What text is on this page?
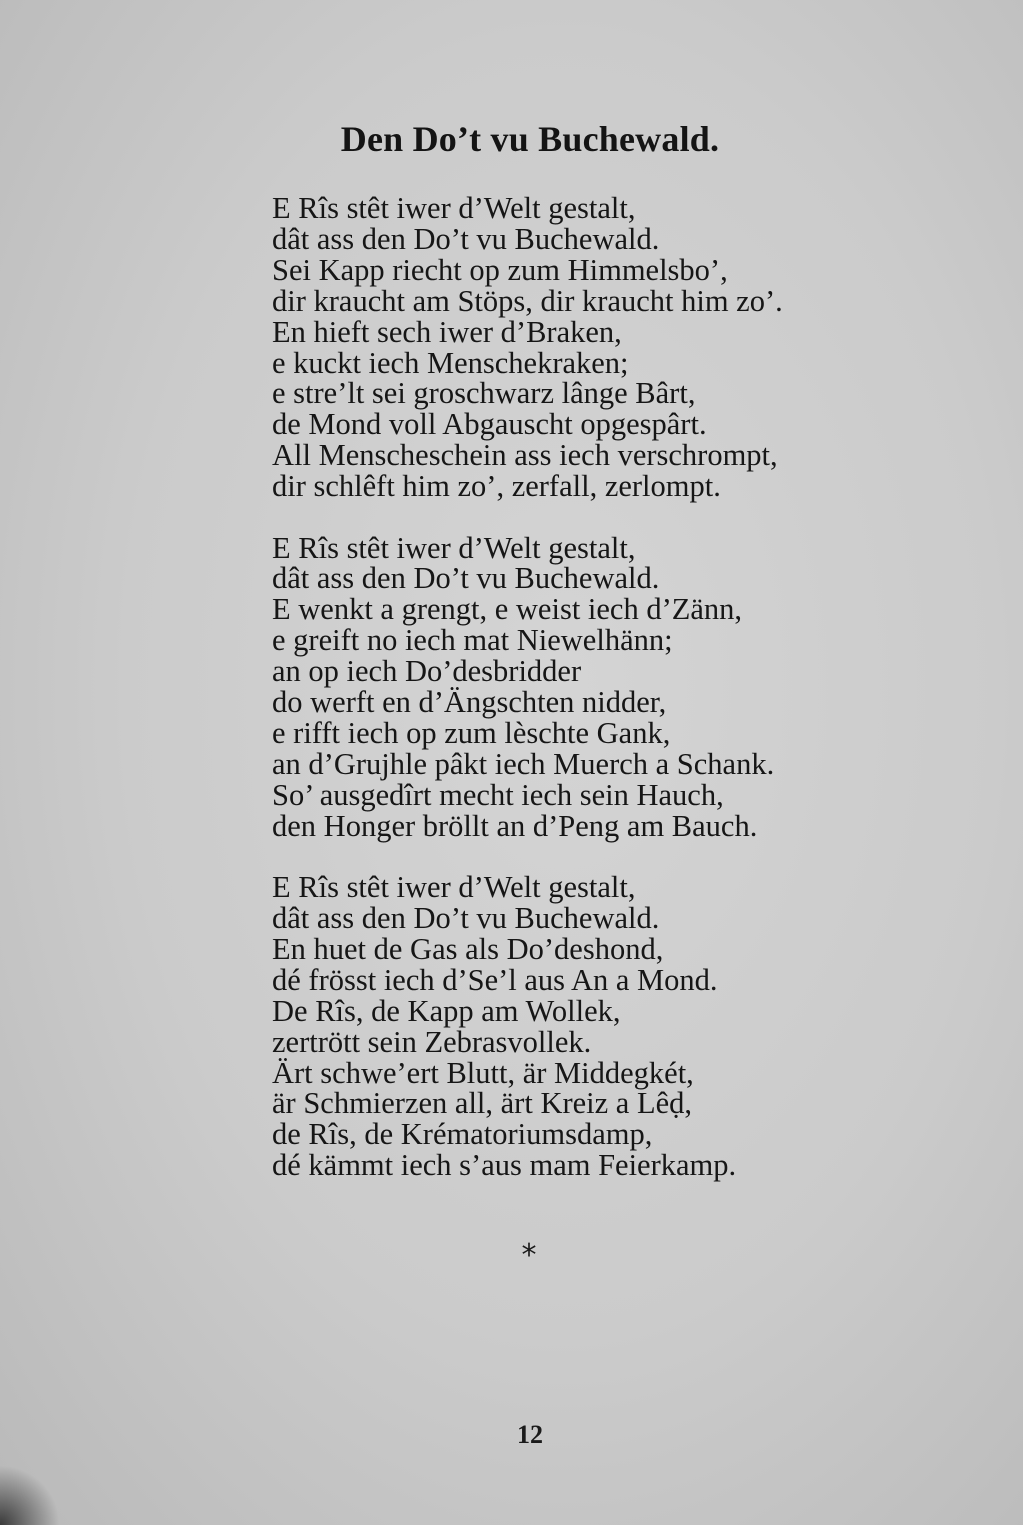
Den Do’t vu Buchewald.
E Rîs stêt iwer d’Welt gestalt,
dât ass den Do’t vu Buchewald.
Sei Kapp riecht op zum Himmelsbo’,
dir kraucht am Stöps, dir kraucht him zo’.
En hieft sech iwer d’Braken,
e kuckt iech Menschekraken;
e stre’lt sei groschwarz lânge Bârt,
de Mond voll Abgauscht opgespârt.
All Menscheschein ass iech verschrompt,
dir schlêft him zo’, zerfall, zerlompt.
E Rîs stêt iwer d’Welt gestalt,
dât ass den Do’t vu Buchewald.
E wenkt a grengt, e weist iech d’Zänn,
e greift no iech mat Niewelhänn;
an op iech Do’desbridder
do werft en d’Ängschten nidder,
e rifft iech op zum lèschte Gank,
an d’Grujhle pâkt iech Muerch a Schank.
So’ ausgedîrt mecht iech sein Hauch,
den Honger bröllt an d’Peng am Bauch.
E Rîs stêt iwer d’Welt gestalt,
dât ass den Do’t vu Buchewald.
En huet de Gas als Do’deshond,
dé frösst iech d’Se’l aus An a Mond.
De Rîs, de Kapp am Wollek,
zertrött sein Zebrasvollek.
Ärt schwe’ert Blutt, är Middegkét,
är Schmierzen all, ärt Kreiz a Lêḍ,
de Rîs, de Krématoriumsdamp,
dé kämmt iech s’aus mam Feierkamp.
*
12
